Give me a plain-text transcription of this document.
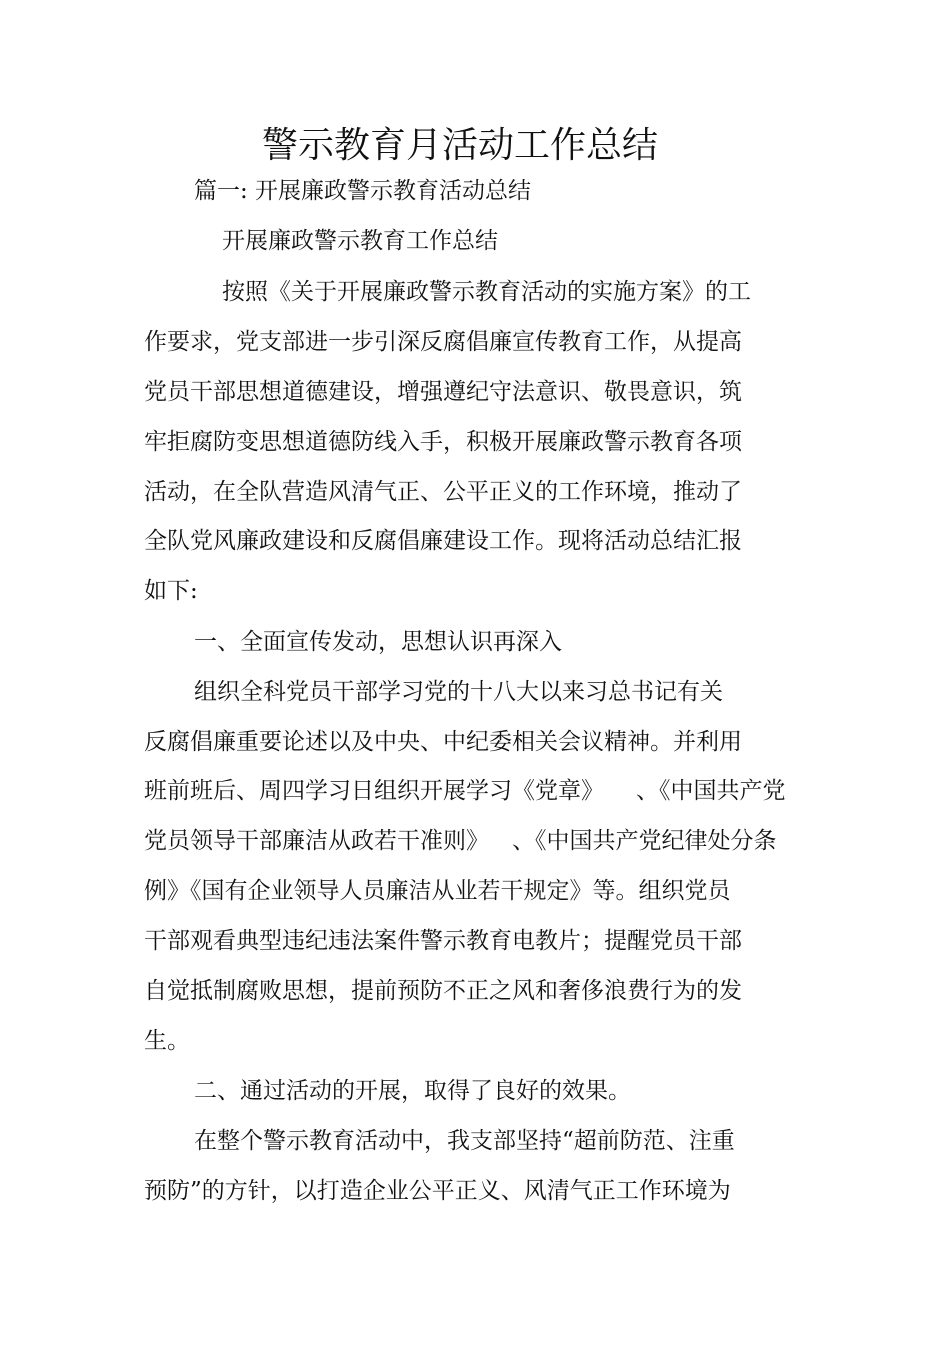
警示教育月活动工作总结
篇一: 开展廉政警示教育活动总结
开展廉政警示教育工作总结
按照《关于开展廉政警示教育活动的实施方案》的工
作要求，党支部进一步引深反腐倡廉宣传教育工作，从提高
党员干部思想道德建设，增强遵纪守法意识、敬畏意识，筑
牢拒腐防变思想道德防线入手，积极开展廉政警示教育各项
活动，在全队营造风清气正、公平正义的工作环境，推动了
全队党风廉政建设和反腐倡廉建设工作。现将活动总结汇报
如下:
一、全面宣传发动，思想认识再深入
组织全科党员干部学习党的十八大以来习总书记有关
反腐倡廉重要论述以及中央、中纪委相关会议精神。并利用
班前班后、周四学习日组织开展学习《党章》 、《中国共产党
党员领导干部廉洁从政若干准则》 、《中国共产党纪律处分条
例》《国有企业领导人员廉洁从业若干规定》等。组织党员
干部观看典型违纪违法案件警示教育电教片；提醒党员干部
自觉抵制腐败思想，提前预防不正之风和奢侈浪费行为的发
生。
二、通过活动的开展，取得了良好的效果。
在整个警示教育活动中，我支部坚持“超前防范、注重
预防”的方针，以打造企业公平正义、风清气正工作环境为
